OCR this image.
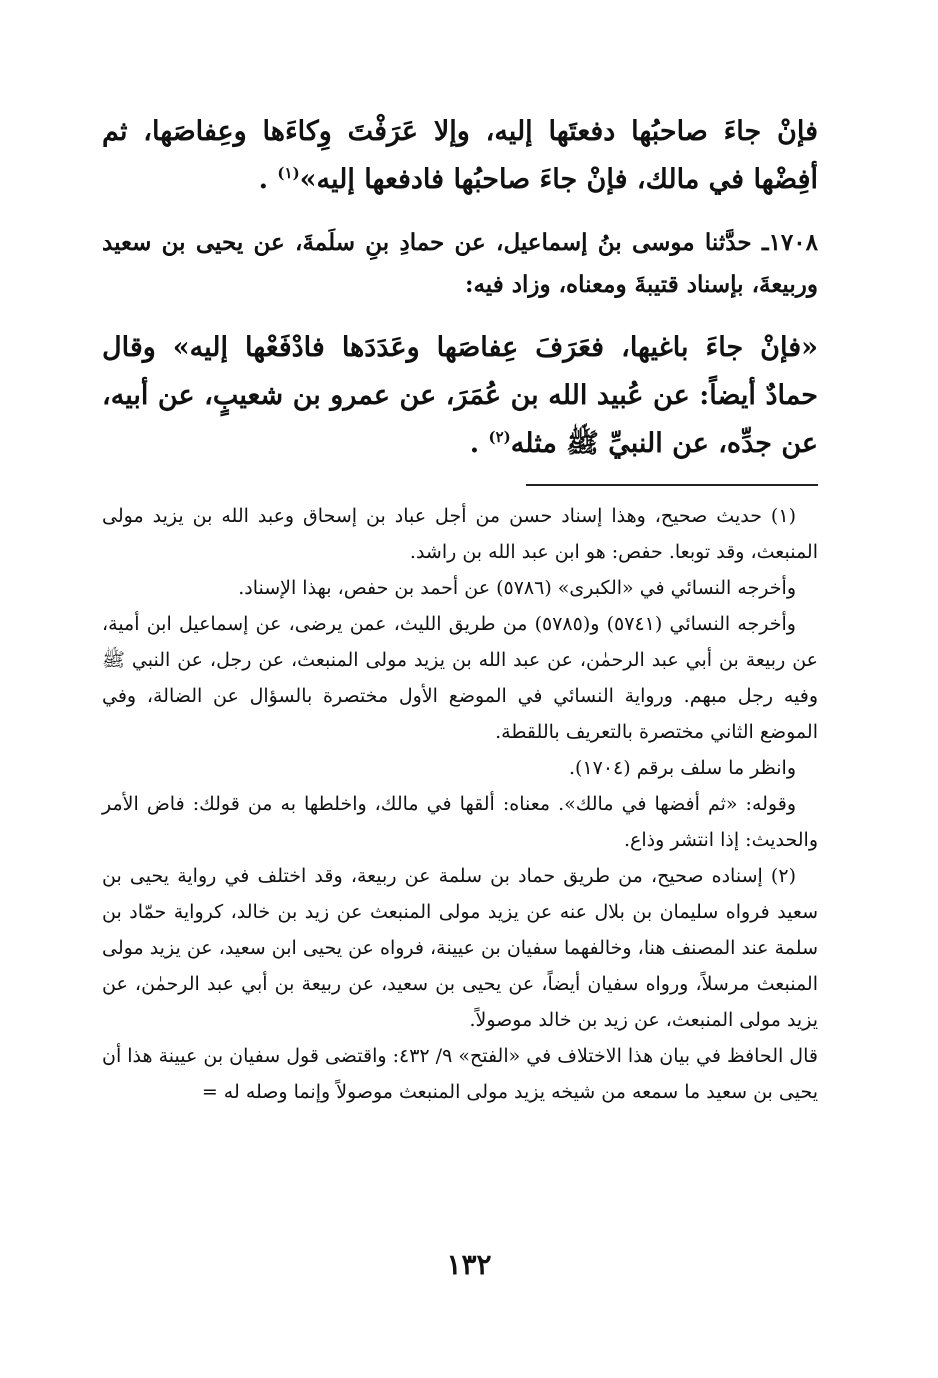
فإنْ جاءَ صاحبُها دفعتَها إليه، وإلا عَرَفْتَ وِكاءَها وعِفاصَها، ثم أفِضْها في مالك، فإنْ جاءَ صاحبُها فادفعها إليه»$^{(١)}$ .

١٧٠٨ـ حدَّثنا موسى بنُ إسماعيل، عن حمادِ بنِ سلَمةَ، عن يحيى بن سعيد وربيعةَ، بإسناد قتيبةَ ومعناه، وزاد فيه:

«فإنْ جاءَ باغيها، فعَرَفَ عِفاصَها وعَدَدَها فادْفَعْها إليه» وقال حمادٌ أيضاً: عن عُبيد الله بن عُمَرَ، عن عمرو بن شعيبٍ، عن أبيه، عن جدِّه، عن النبيِّ ﷺ مثله$^{(٢)}$ .

(١) حديث صحيح، وهذا إسناد حسن من أجل عباد بن إسحاق وعبد الله بن يزيد مولى المنبعث، وقد توبعا. حفص: هو ابن عبد الله بن راشد.

وأخرجه النسائي في «الكبرى» (٥٧٨٦) عن أحمد بن حفص، بهذا الإسناد.

وأخرجه النسائي (٥٧٤١) و(٥٧٨٥) من طريق الليث، عمن يرضى، عن إسماعيل ابن أمية، عن ربيعة بن أبي عبد الرحمٰن، عن عبد الله بن يزيد مولى المنبعث، عن رجل، عن النبي ﷺ وفيه رجل مبهم. ورواية النسائي في الموضع الأول مختصرة بالسؤال عن الضالة، وفي الموضع الثاني مختصرة بالتعريف باللقطة.

وانظر ما سلف برقم (١٧٠٤).

وقوله: «ثم أفضها في مالك». معناه: ألقها في مالك، واخلطها به من قولك: فاض الأمر والحديث: إذا انتشر وذاع.

(٢) إسناده صحيح، من طريق حماد بن سلمة عن ربيعة، وقد اختلف في رواية يحيى بن سعيد فرواه سليمان بن بلال عنه عن يزيد مولى المنبعث عن زيد بن خالد، كرواية حمّاد بن سلمة عند المصنف هنا، وخالفهما سفيان بن عيينة، فرواه عن يحيى ابن سعيد، عن يزيد مولى المنبعث مرسلاً، ورواه سفيان أيضاً، عن يحيى بن سعيد، عن ربيعة بن أبي عبد الرحمٰن، عن يزيد مولى المنبعث، عن زيد بن خالد موصولاً.

قال الحافظ في بيان هذا الاختلاف في «الفتح» ٩/ ٤٣٢: واقتضى قول سفيان بن عيينة هذا أن يحيى بن سعيد ما سمعه من شيخه يزيد مولى المنبعث موصولاً وإنما وصله له =

١٣٢
